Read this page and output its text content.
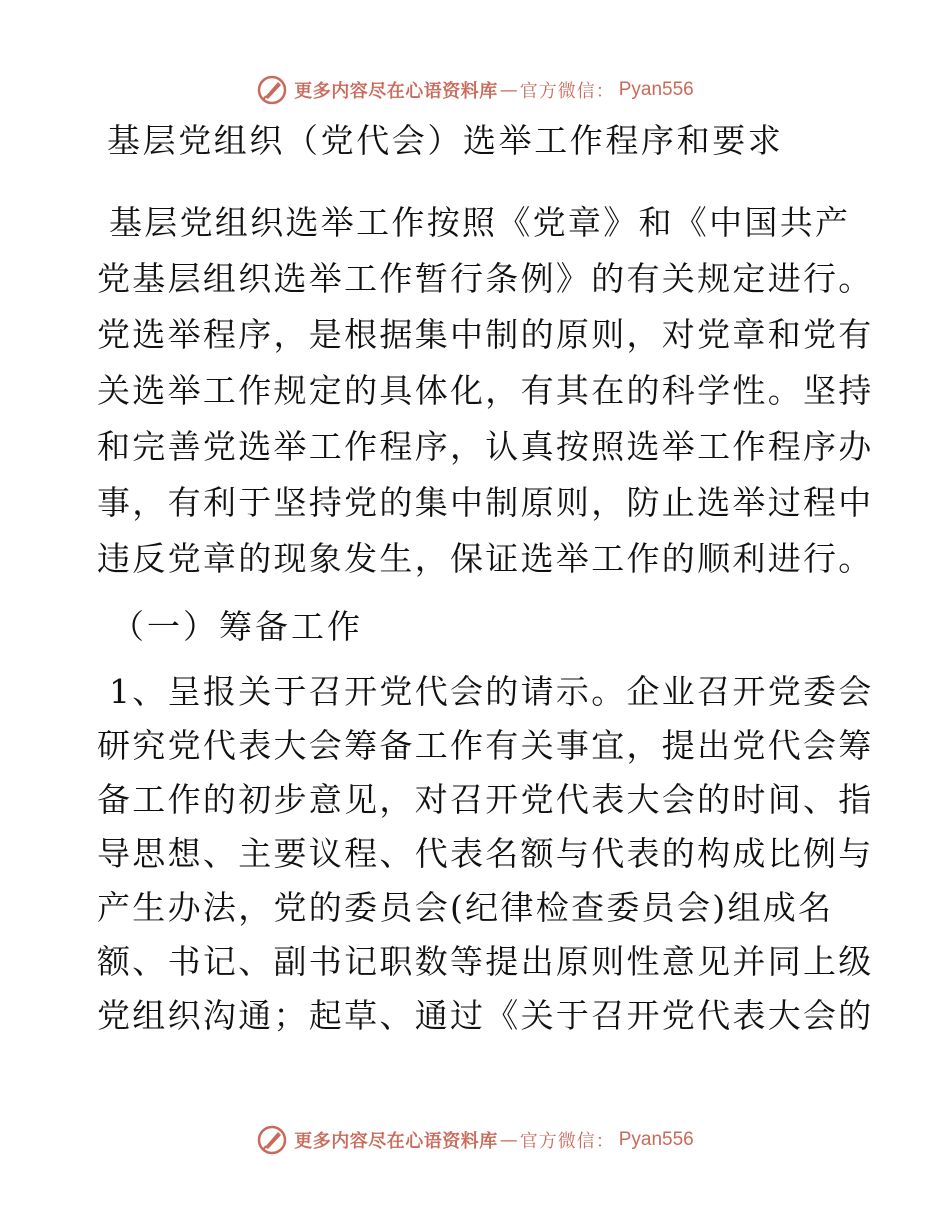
更多内容尽在心语资料库 — 官方微信： Pyan556
基层党组织（党代会）选举工作程序和要求
基层党组织选举工作按照《党章》和《中国共产
党基层组织选举工作暂行条例》的有关规定进行。
党选举程序，是根据集中制的原则，对党章和党有
关选举工作规定的具体化，有其在的科学性。坚持
和完善党选举工作程序，认真按照选举工作程序办
事，有利于坚持党的集中制原则，防止选举过程中
违反党章的现象发生，保证选举工作的顺利进行。
（一）筹备工作
1、呈报关于召开党代会的请示。企业召开党委会
研究党代表大会筹备工作有关事宜，提出党代会筹
备工作的初步意见，对召开党代表大会的时间、指
导思想、主要议程、代表名额与代表的构成比例与
产生办法，党的委员会(纪律检查委员会)组成名
额、书记、副书记职数等提出原则性意见并同上级
党组织沟通；起草、通过《关于召开党代表大会的
更多内容尽在心语资料库 — 官方微信： Pyan556
